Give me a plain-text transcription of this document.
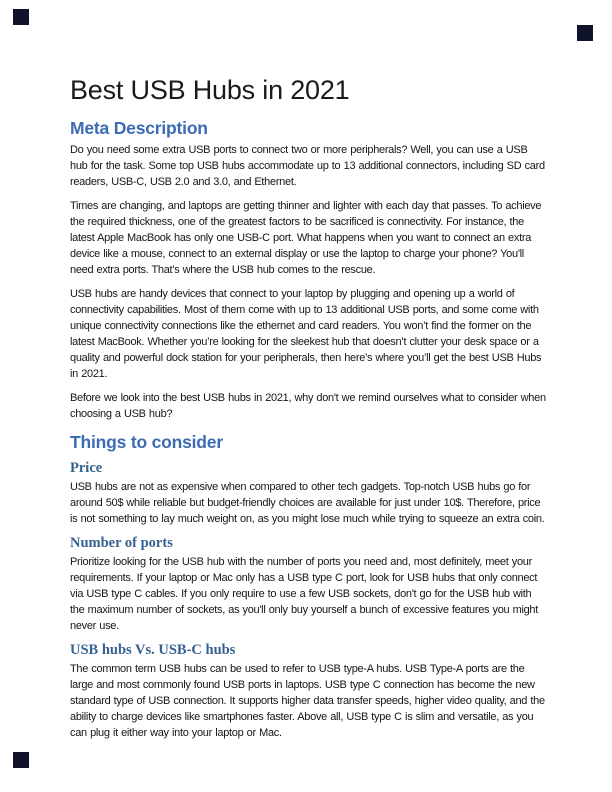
Best USB Hubs in 2021
Meta Description

Do you need some extra USB ports to connect two or more peripherals? Well, you can use a USB hub for the task. Some top USB hubs accommodate up to 13 additional connectors, including SD card readers, USB-C, USB 2.0 and 3.0, and Ethernet.

Times are changing, and laptops are getting thinner and lighter with each day that passes. To achieve the required thickness, one of the greatest factors to be sacrificed is connectivity. For instance, the latest Apple MacBook has only one USB-C port. What happens when you want to connect an extra device like a mouse, connect to an external display or use the laptop to charge your phone? You'll need extra ports. That's where the USB hub comes to the rescue.

USB hubs are handy devices that connect to your laptop by plugging and opening up a world of connectivity capabilities. Most of them come with up to 13 additional USB ports, and some come with unique connectivity connections like the ethernet and card readers. You won’t find the former on the latest MacBook. Whether you’re looking for the sleekest hub that doesn’t clutter your desk space or a quality and powerful dock station for your peripherals, then here’s where you’ll get the best USB Hubs in 2021.

Before we look into the best USB hubs in 2021, why don't we remind ourselves what to consider when choosing a USB hub?

Things to consider
Price

USB hubs are not as expensive when compared to other tech gadgets. Top-notch USB hubs go for around 50$ while reliable but budget-friendly choices are available for just under 10$. Therefore, price is not something to lay much weight on, as you might lose much while trying to squeeze an extra coin.

Number of ports

Prioritize looking for the USB hub with the number of ports you need and, most definitely, meet your requirements. If your laptop or Mac only has a USB type C port, look for USB hubs that only connect via USB type C cables. If you only require to use a few USB sockets, don't go for the USB hub with the maximum number of sockets, as you'll only buy yourself a bunch of excessive features you might never use.

USB hubs Vs. USB-C hubs

The common term USB hubs can be used to refer to USB type-A hubs. USB Type-A ports are the large and most commonly found USB ports in laptops. USB type C connection has become the new standard type of USB connection. It supports higher data transfer speeds, higher video quality, and the ability to charge devices like smartphones faster. Above all, USB type C is slim and versatile, as you can plug it either way into your laptop or Mac.
